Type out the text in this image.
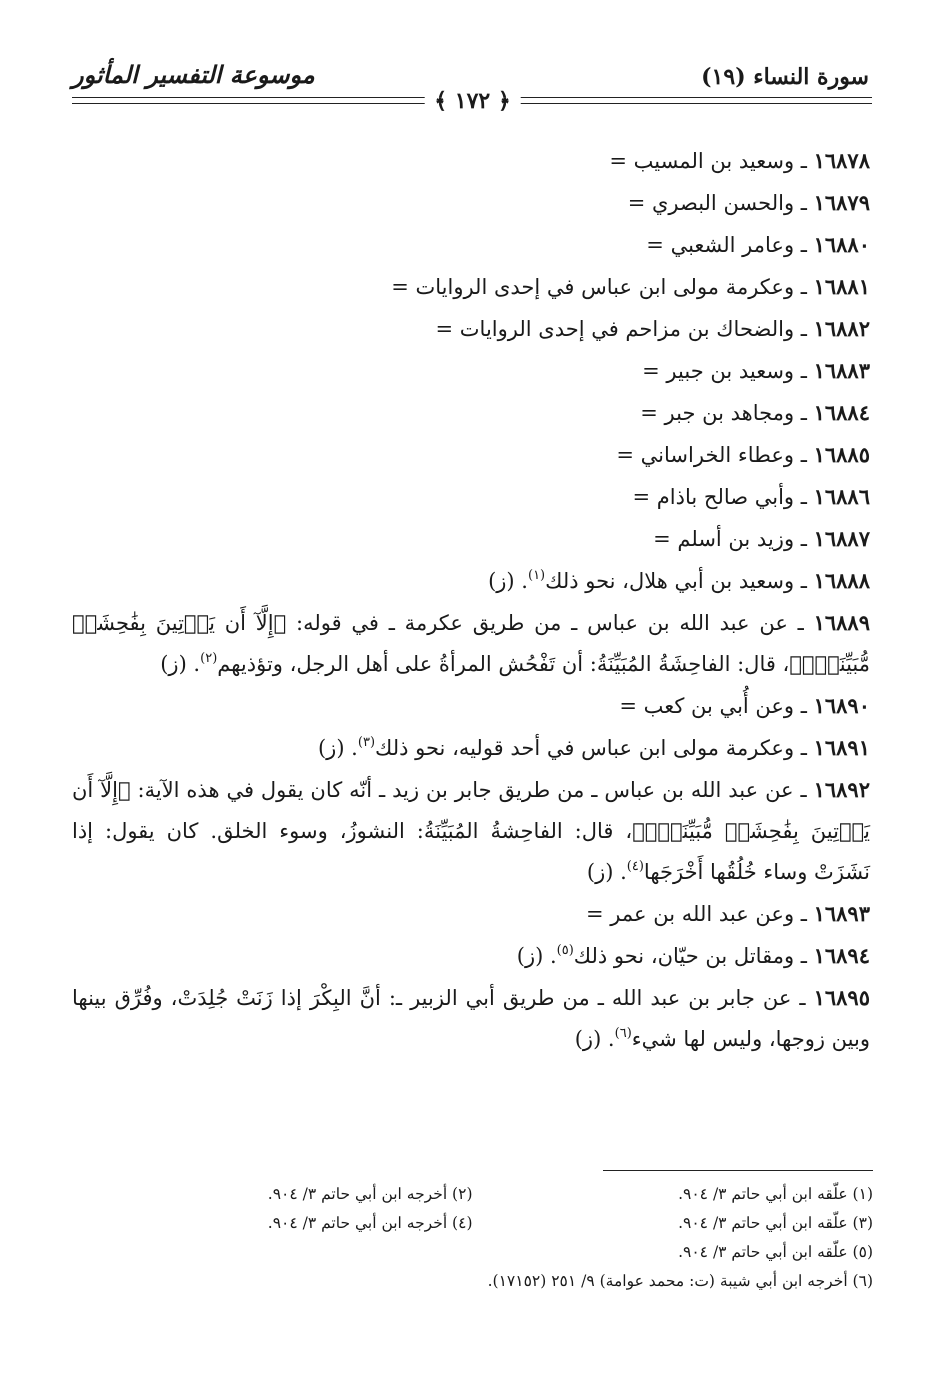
سورة النساء (١٩)
موسوعة التفسير المأثور
﴿ ١٧٢ ﴾

١٦٨٧٨ ـ وسعيد بن المسيب =

١٦٨٧٩ ـ والحسن البصري =

١٦٨٨٠ ـ وعامر الشعبي =

١٦٨٨١ ـ وعكرمة مولى ابن عباس في إحدى الروايات =

١٦٨٨٢ ـ والضحاك بن مزاحم في إحدى الروايات =

١٦٨٨٣ ـ وسعيد بن جبير =

١٦٨٨٤ ـ ومجاهد بن جبر =

١٦٨٨٥ ـ وعطاء الخراساني =

١٦٨٨٦ ـ وأبي صالح باذام =

١٦٨٨٧ ـ وزيد بن أسلم =

١٦٨٨٨ ـ وسعيد بن أبي هلال، نحو ذلك$^{(١)}$. (ز)

١٦٨٨٩ ـ عن عبد الله بن عباس ـ من طريق عكرمة ـ في قوله: ﴿إِلَّآ أَن يَأۡتِينَ بِفَٰحِشَةٖ مُّبَيِّنَةٖۚ﴾، قال: الفاحِشَةُ المُبَيِّنَةُ: أن تَفْحُش المرأةُ على أهل الرجل، وتؤذيهم$^{(٢)}$. (ز)

١٦٨٩٠ ـ وعن أُبي بن كعب =

١٦٨٩١ ـ وعكرمة مولى ابن عباس في أحد قوليه، نحو ذلك$^{(٣)}$. (ز)

١٦٨٩٢ ـ عن عبد الله بن عباس ـ من طريق جابر بن زيد ـ أنّه كان يقول في هذه الآية: ﴿إِلَّآ أَن يَأۡتِينَ بِفَٰحِشَةٖ مُّبَيِّنَةٖۚ﴾، قال: الفاحِشةُ المُبَيِّنَةُ: النشوزُ، وسوء الخلق. كان يقول: إذا نَشَزَتْ وساء خُلُقُها أَخْرَجَها$^{(٤)}$. (ز)

١٦٨٩٣ ـ وعن عبد الله بن عمر =

١٦٨٩٤ ـ ومقاتل بن حيّان، نحو ذلك$^{(٥)}$. (ز)

١٦٨٩٥ ـ عن جابر بن عبد الله ـ من طريق أبي الزبير ـ: أنَّ البِكْرَ إذا زَنَتْ جُلِدَتْ، وفُرِّق بينها وبين زوجها، وليس لها شيء$^{(٦)}$. (ز)

(١) علّقه ابن أبي حاتم ٣/ ٩٠٤.
(٢) أخرجه ابن أبي حاتم ٣/ ٩٠٤.
(٣) علّقه ابن أبي حاتم ٣/ ٩٠٤.
(٤) أخرجه ابن أبي حاتم ٣/ ٩٠٤.
(٥) علّقه ابن أبي حاتم ٣/ ٩٠٤.
(٦) أخرجه ابن أبي شيبة (ت: محمد عوامة) ٩/ ٢٥١ (١٧١٥٢).
